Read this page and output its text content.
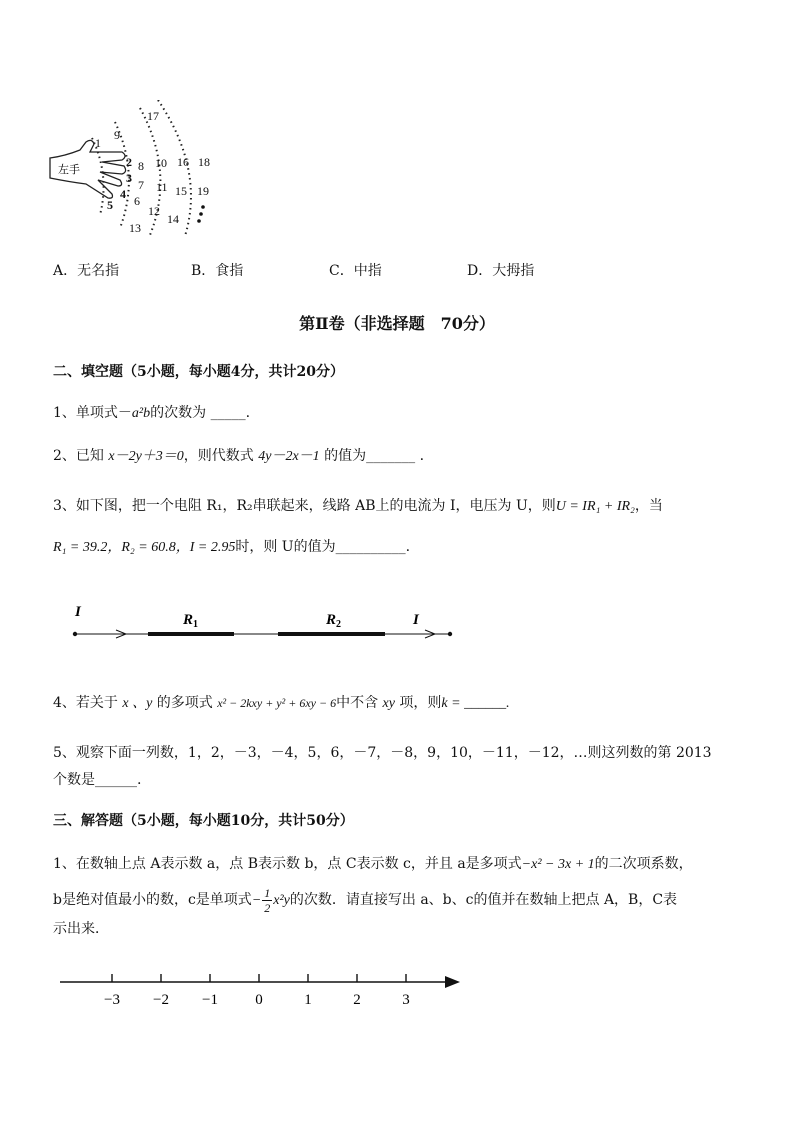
左手
1
2
3
4
5 6
7
8
9
10
11
12
13
14
15
16
17
18
19
A．无名指	B．食指	C．中指	D．大拇指
第Ⅱ卷（非选择题　70分）
二、填空题（5小题，每小题4分，共计20分）
1、单项式－a²b的次数为 _____.
2、已知 x－2y＋3＝0，则代数式 4y－2x－1 的值为_______ .
3、如下图，把一个电阻 R₁，R₂串联起来，线路 AB上的电流为 I，电压为 U，则U = IR₁ + IR₂，当
R₁ = 39.2，R₂ = 60.8，I = 2.95时，则 U的值为__________.
I	$R_1$	$R_2$	I
4、若关于 x 、y 的多项式 x² − 2kxy + y² + 6xy − 6中不含 xy 项，则k = ______.
5、观察下面一列数，1，2，－3，－4，5，6，－7，－8，9，10，－11，－12，…则这列数的第 2013
个数是______.
三、解答题（5小题，每小题10分，共计50分）
1、在数轴上点 A表示数 a，点 B表示数 b，点 C表示数 c，并且 a是多项式−x² − 3x + 1的二次项系数，
b是绝对值最小的数，c是单项式− $\frac{1}{2} x^2y$的次数．请直接写出 a、b、c的值并在数轴上把点 A，B，C表
示出来．
−3 −2 −1 0	1	2	3
